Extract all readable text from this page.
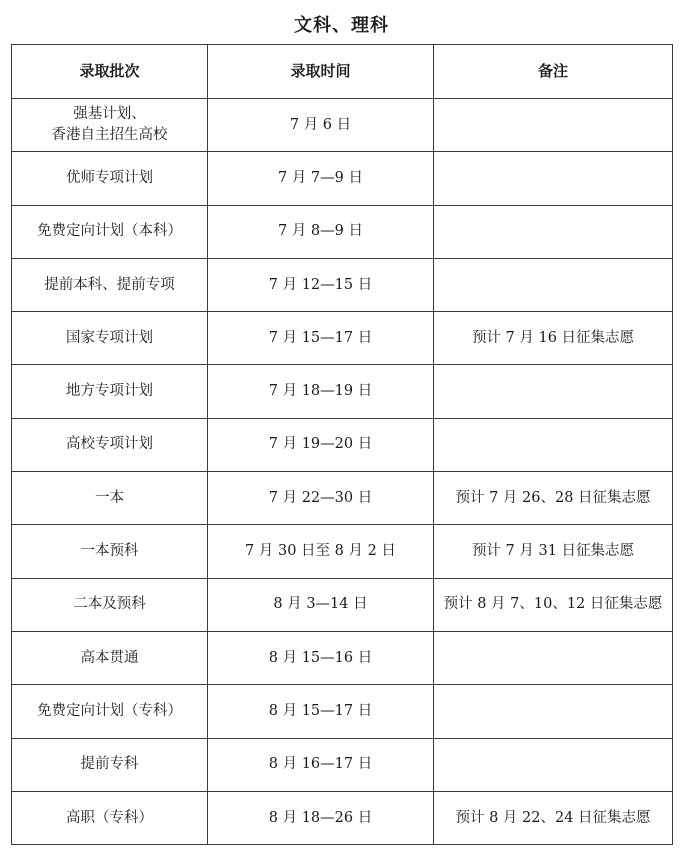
文科、理科
录取批次	录取时间	备注

强基计划、
香港自主招生高校	7 月 6 日	

优师专项计划	7 月 7—9 日	

免费定向计划（本科）	7 月 8—9 日	

提前本科、提前专项	7 月 12—15 日	

国家专项计划	7 月 15—17 日	预计 7 月 16 日征集志愿

地方专项计划	7 月 18—19 日	

高校专项计划	7 月 19—20 日	

一本	7 月 22—30 日	预计 7 月 26、28 日征集志愿

一本预科	7 月 30 日至 8 月 2 日	预计 7 月 31 日征集志愿

二本及预科	8 月 3—14 日	预计 8 月 7、10、12 日征集志愿

高本贯通	8 月 15—16 日	

免费定向计划（专科）	8 月 15—17 日	

提前专科	8 月 16—17 日	

高职（专科）	8 月 18—26 日	预计 8 月 22、24 日征集志愿
